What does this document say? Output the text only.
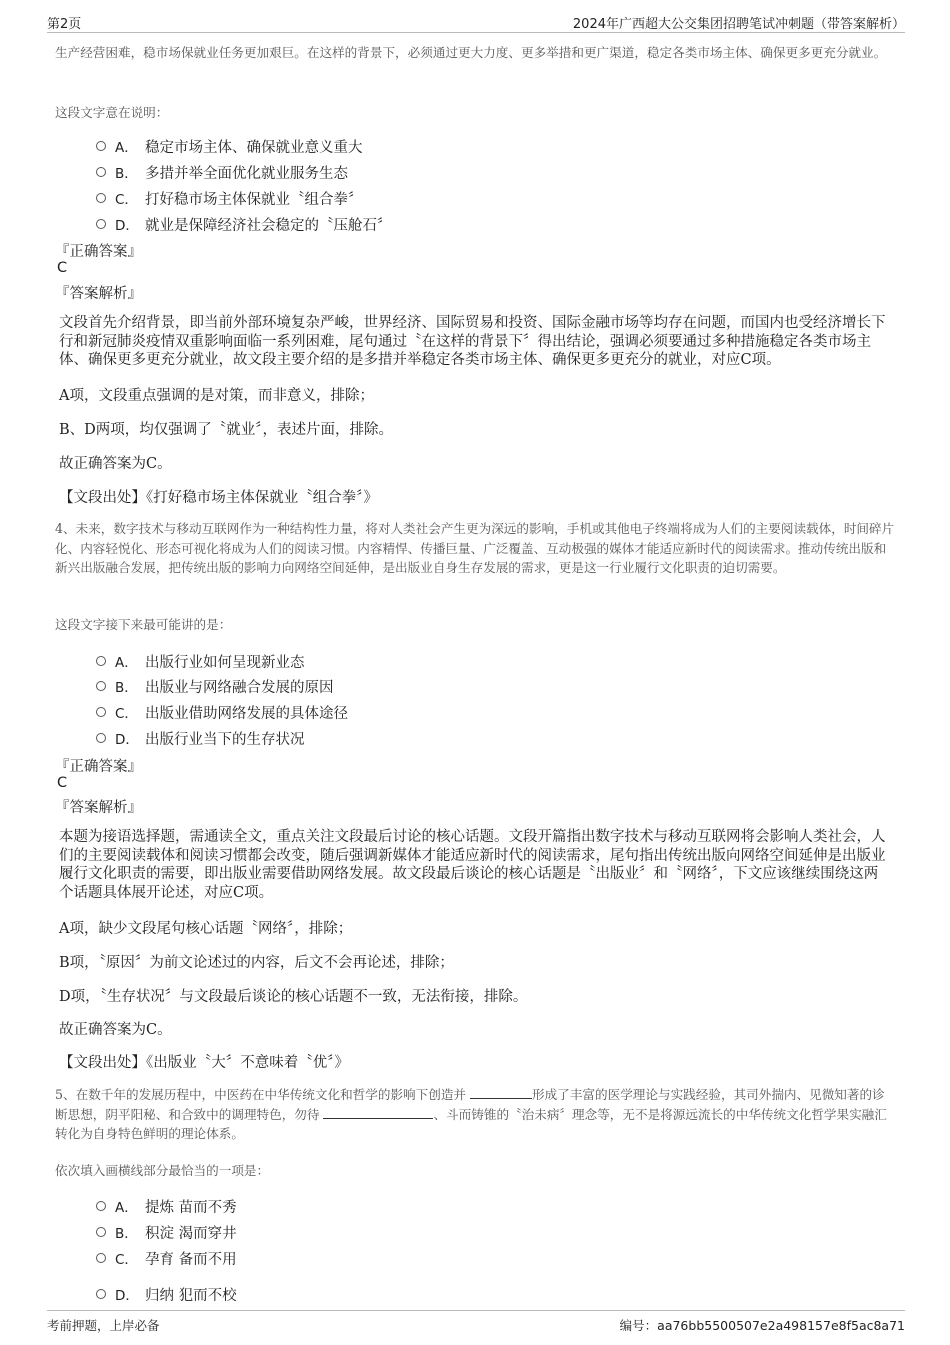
第2页	2024年广西超大公交集团招聘笔试冲刺题（带答案解析）
生产经营困难，稳市场保就业任务更加艰巨。在这样的背景下，必须通过更大力度、更多举措和更广渠道，稳定各类市场主体、确保更多更充分就业。
这段文字意在说明：
A． 稳定市场主体、确保就业意义重大
B． 多措并举全面优化就业服务生态
C． 打好稳市场主体保就业〝组合拳〞
D． 就业是保障经济社会稳定的〝压舱石〞
『正确答案』
C
『答案解析』
文段首先介绍背景，即当前外部环境复杂严峻，世界经济、国际贸易和投资、国际金融市场等均存在问题，而国内也受经济增长下行和新冠肺炎疫情双重影响面临一系列困难，尾句通过〝在这样的背景下〞得出结论，强调必须要通过多种措施稳定各类市场主体、确保更多更充分就业，故文段主要介绍的是多措并举稳定各类市场主体、确保更多更充分的就业，对应C项。
A项，文段重点强调的是对策，而非意义，排除；
B、D两项，均仅强调了〝就业〞，表述片面，排除。
故正确答案为C。
【文段出处】《打好稳市场主体保就业〝组合拳〞》
4、未来，数字技术与移动互联网作为一种结构性力量，将对人类社会产生更为深远的影响，手机或其他电子终端将成为人们的主要阅读载体，时间碎片化、内容轻悦化、形态可视化将成为人们的阅读习惯。内容精悍、传播巨量、广泛覆盖、互动极强的媒体才能适应新时代的阅读需求。推动传统出版和新兴出版融合发展，把传统出版的影响力向网络空间延伸，是出版业自身生存发展的需求，更是这一行业履行文化职责的迫切需要。
这段文字接下来最可能讲的是：
A． 出版行业如何呈现新业态
B． 出版业与网络融合发展的原因
C． 出版业借助网络发展的具体途径
D． 出版行业当下的生存状况
『正确答案』
C
『答案解析』
本题为接语选择题，需通读全文，重点关注文段最后讨论的核心话题。文段开篇指出数字技术与移动互联网将会影响人类社会，人们的主要阅读载体和阅读习惯都会改变，随后强调新媒体才能适应新时代的阅读需求，尾句指出传统出版向网络空间延伸是出版业履行文化职责的需要，即出版业需要借助网络发展。故文段最后谈论的核心话题是〝出版业〞和〝网络〞，下文应该继续围绕这两个话题具体展开论述，对应C项。
A项，缺少文段尾句核心话题〝网络〞，排除；
B项，〝原因〞为前文论述过的内容，后文不会再论述，排除；
D项，〝生存状况〞与文段最后谈论的核心话题不一致，无法衔接，排除。
故正确答案为C。
【文段出处】《出版业〝大〞不意味着〝优〞》
5、在数千年的发展历程中，中医药在中华传统文化和哲学的影响下创造并	形成了丰富的医学理论与实践经验，其司外揣内、见微知著的诊断思想，阴平阳秘、和合致中的调理特色，勿待	、斗而铸锥的〝治未病〞理念等，无不是将源远流长的中华传统文化哲学果实融汇转化为自身特色鲜明的理论体系。
依次填入画横线部分最恰当的一项是：
A． 提炼 苗而不秀
B． 积淀 渴而穿井
C． 孕育 备而不用
D． 归纳 犯而不校
考前押题，上岸必备	编号：aa76bb5500507e2a498157e8f5ac8a71
